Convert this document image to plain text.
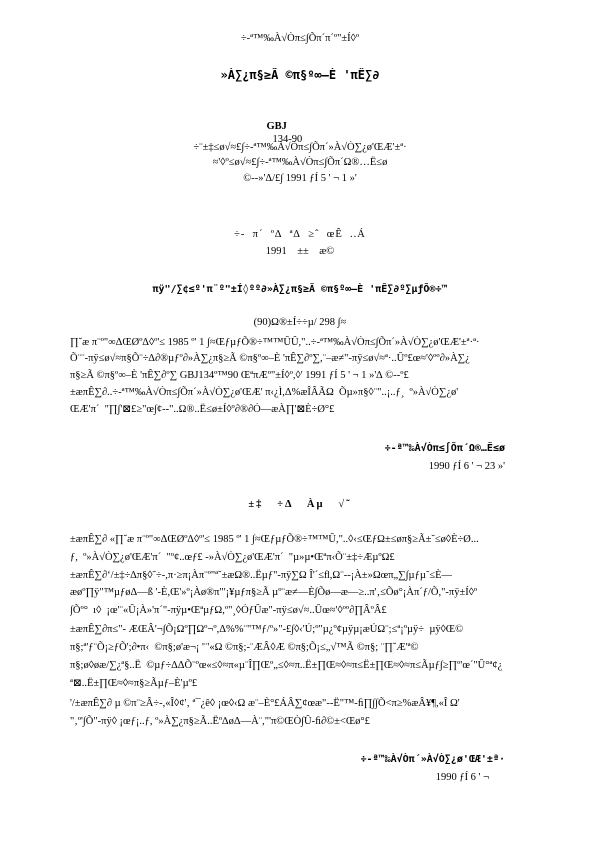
÷-ª™‰À√Òπ≤∫Õπ´π´º"±Í◊º
»À∑¿π§≥Ã ©π§º∞–È 'πÊ∑∂

GBJ
134-90

÷¨±‡≤ø√≈£∫÷-ª™‰À√Òπ≤∫Õπ´»À√Ò∑¿ø'ŒÆ'±ª·
≈'◊º≤ø√≈£∫÷-ª™‰À√Òπ≤∫Õπ´Ω®…Ë≤ø
©--»'Δ/£∫ 1991 ƒÍ 5 ' ¬ 1 »'
÷-  π´  º∆  ª∆  ≥ˆ  œÊ  ..Á
1991    ±±    æ©
πÿ"/∑¢≤º'π¨º"±Í◊ºº∂»À∑¿π§≥Ã ©π§º∞–È 'πÊ∑∂º∑µƒÕ®÷™
(90)Ω®±Í÷÷µ/ 298 ∫≈
∏˘æ π¨º"∞ΔŒØº∆◊º'≤ 1985 º' 1 ∫≈ŒƒµƒÕ®÷™™ÛÛ,"..÷-ª™‰À√Òπ≤∫Õπ´»À√Ò∑¿ø'ŒÆ'±ª·ª·
Õ¨¨-πÿ≤ø√≈π§Õ¨÷∆∂®µƒº∂»À∑¿π§≥Ã ©π§º∞–È 'πÊ∑∂º∑,¨–æ≠"-πÿ≤ø√≈ª·..Ûº£œ≈'◊ºº∂»À∑¿
π§≥Ã ©π§º∞–È 'πÊ∑∂º∑ GBJ134º™90 ŒªπÆº"±Í◊º,◊' 1991 ƒÍ 5 ' ¬ 1 »'∆ ©--º£
±æπÊ∑∂..÷-ª™‰À√Òπ≤∫Õπ´»À√Ò∑¿ø'ŒÆ' π‹¿Ì,Δ%æÎÂÃΩ  Õµ»π§◊¨"..¡..ƒ¸  º»À√Ò∑¿ø'
ŒÆ'π´  "∏∫'⊠£≥"œ∫¢--"..Ω®..Ë≤ø±Í◊º∂®∂Ó—æÀ∏'⊠È÷Ø°£
÷-ª™‰À√Òπ≤∫Õπ´Ω®…Ë≤ø
1990 ƒÍ 6 ' ¬ 23 »'
±‡   ÷Δ   Àµ   √˜
±æπÊ∑∂ «∏˘æ π¨º"∞ΔŒØº∆◊º'≤ 1985 º' 1 ∫≈ŒƒµƒÕ®÷™™Û,"..◊‹≤ŒƒΩ±≤øπ§≥Ã±˘≤ø◊È÷Ø...
ƒ,  º»À√Ò∑¿ø'ŒÆ'π´  "º¢..œƒ£ -»À√Ò∑¿ø'ŒÆ'π´  "µ»µ•Œªπ‹Õ¨±‡÷ÆµºΩ£
±æπÊ∑∂‘/±‡÷∆π§◊˜÷-,π·≥π¡Àπ¨º"ª˘±æΩ®..Ëµƒ"-πÿ∑Ω Î'´≤ﬂ,Ω¨--¡À±»Ωœπ„∑∫µƒµ˜≤È—
æøº∏ÿ"™µƒøΔ—ß '-È,Œ'»º¡Àø®π"'¡¥µƒπ§≥Ã µº¨æ≠—È∫Õø—æ—≥..π'‚≤Õø°¡Àπ´ƒ/Õ,"-πÿ±Í◊º
∫Õº°  ı◊  ¡œ'¨«Û¡À»'π´"-πÿµ•ŒªµƒΩ,º"¸◊ÓƒÛæ"-πÿ≤ø√≈..Ûœ≈'◊ºº∂∏ÂºÂ£
±æπÊ∑∂π≤"- ÆŒÂ'¬∫Õ¡Ωº∏Ωº¬º,Δ%%¨"™ƒ/º»"-£∫◊‹'Ú;º"µ¿º¢µÿµ¡æÚΩ¨;≤ª¡ºµÿ÷  µÿ◊Œ©
π§;ª'ƒ¨Õ¡≥ƒÕ';∂•π‹  ©π§;ø'æ¬¡ '¨'«Ω ©π§;-¨ÆÂ◊Æ ©π§;Õ¡≤„√™Ã ©π§; ¨∏˘Æ'ª©
π§;ø◊øæ/∑¿ª§..Ë  ©µƒ÷∆ΔÕ¨ºœ«≤◊≈π«µ¨Î∏Œº„≤◊≈π..Ë±∏Œ≈◊≈π≤Ë±∏Œ≈◊≈π≤Ãµƒ∫≥∏º'œ´"Û°ª¢¿
ª⊠..Ë±∏Œ≈◊≈π§≥Ãµƒ–È'µº£
'/±æπÊ∑∂ µ ©π¨≥Â÷-,«Î◊¢'‚ ª¯¿ê◊ ¡œ◊‹Ω æ¨–È°£ÁÂ∑¢œæ"--Ë"™-ﬁ∏∫∫Õ<π≥%æÂ¥¶,«Î Ω'
"‚º'∫Õ"-πÿ◊ ¡œƒ¡..ƒ, º»À∑¿π§≥Ã..Ëº∆øΔ—À¨,"'π©ŒÒ∫Û-ﬁ∂©±<Œø°£
÷-ª™‰À√Òπ´»À√Ò∑¿ø'ŒÆ'±ª·
1990 ƒÍ 6 ' ¬
